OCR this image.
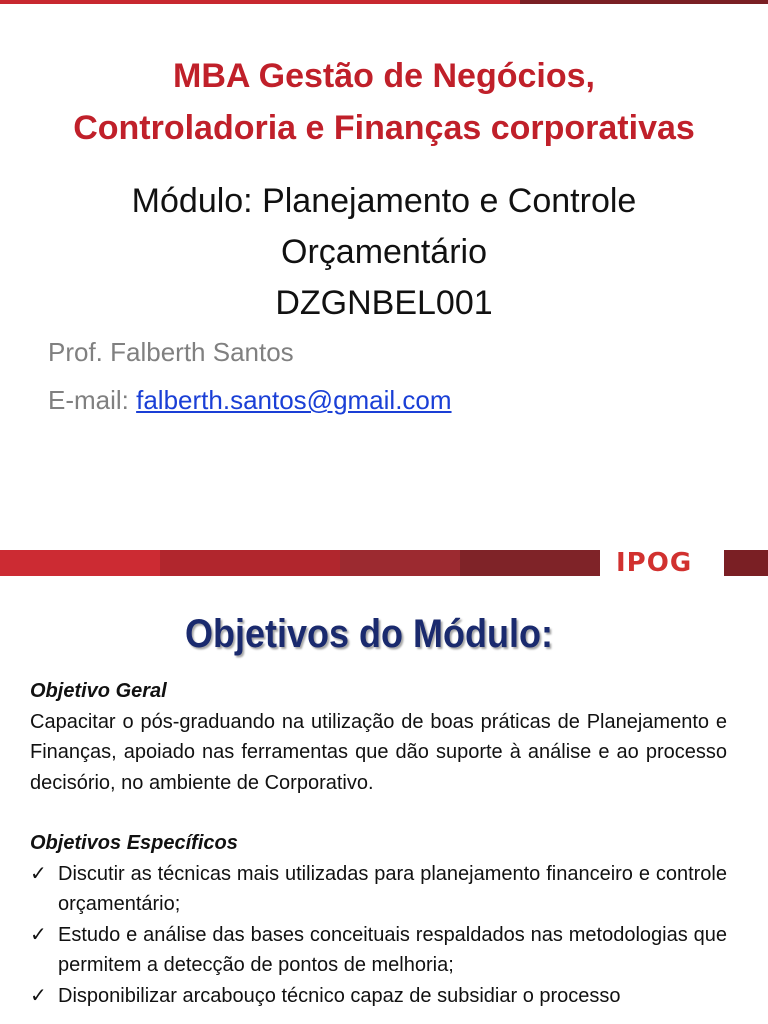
MBA Gestão de Negócios,
Controladoria e Finanças corporativas
Módulo: Planejamento e Controle
Orçamentário
DZGNBEL001
Prof. Falberth Santos
E-mail: falberth.santos@gmail.com
IPOG
Objetivos do Módulo:

Objetivo Geral

Capacitar o pós-graduando na utilização de boas práticas de Planejamento e Finanças, apoiado nas ferramentas que dão suporte à análise e ao processo decisório, no ambiente de Corporativo.

Objetivos Específicos

✓ Discutir as técnicas mais utilizadas para planejamento financeiro e controle orçamentário;
✓ Estudo e análise das bases conceituais respaldados nas metodologias que permitem a detecção de pontos de melhoria;
✓ Disponibilizar arcabouço técnico capaz de subsidiar o processo
